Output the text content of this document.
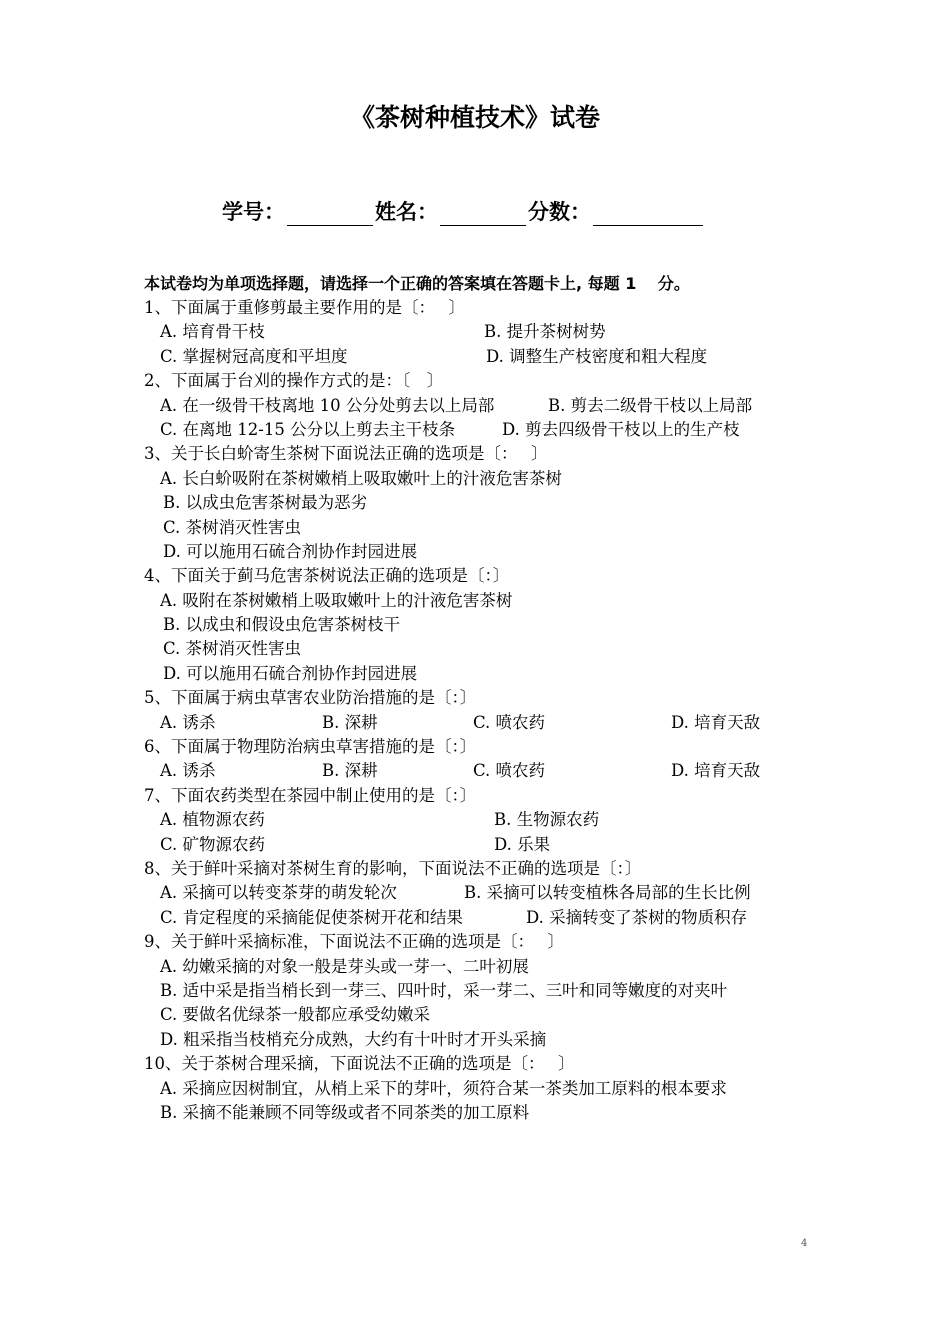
《茶树种植技术》试卷
学号：	姓名：	分数：
本试卷均为单项选择题，请选择一个正确的答案填在答题卡上, 每题 1　 分。
1、下面属于重修剪最主要作用的是〔：　 〕
A. 培育骨干枝	B. 提升茶树树势
C. 掌握树冠高度和平坦度	D. 调整生产枝密度和粗大程度
2、下面属于台刈的操作方式的是：〔　〕
A. 在一级骨干枝离地 10 公分处剪去以上局部	B. 剪去二级骨干枝以上局部
C. 在离地 12-15 公分以上剪去主干枝条	D. 剪去四级骨干枝以上的生产枝
3、关于长白蚧寄生茶树下面说法正确的选项是〔：　 〕
A. 长白蚧吸附在茶树嫩梢上吸取嫩叶上的汁液危害茶树
B. 以成虫危害茶树最为恶劣
C. 茶树消灭性害虫
D. 可以施用石硫合剂协作封园进展
4、下面关于蓟马危害茶树说法正确的选项是〔：〕
A. 吸附在茶树嫩梢上吸取嫩叶上的汁液危害茶树
B. 以成虫和假设虫危害茶树枝干
C. 茶树消灭性害虫
D. 可以施用石硫合剂协作封园进展
5、下面属于病虫草害农业防治措施的是〔：〕
A. 诱杀	B. 深耕	C. 喷农药	D. 培育天敌
6、下面属于物理防治病虫草害措施的是〔：〕
A. 诱杀	B. 深耕	C. 喷农药	D. 培育天敌
7、下面农药类型在茶园中制止使用的是〔：〕
A. 植物源农药	B. 生物源农药
C. 矿物源农药	D. 乐果
8、关于鲜叶采摘对茶树生育的影响，下面说法不正确的选项是〔：〕
A. 采摘可以转变茶芽的萌发轮次	B. 采摘可以转变植株各局部的生长比例
C. 肯定程度的采摘能促使茶树开花和结果	D. 采摘转变了茶树的物质积存
9、关于鲜叶采摘标准，下面说法不正确的选项是〔：　 〕
A. 幼嫩采摘的对象一般是芽头或一芽一、二叶初展
B. 适中采是指当梢长到一芽三、四叶时，采一芽二、三叶和同等嫩度的对夹叶
C. 要做名优绿茶一般都应承受幼嫩采
D. 粗采指当枝梢充分成熟，大约有十叶时才开头采摘
10、关于茶树合理采摘，下面说法不正确的选项是〔：　 〕
A. 采摘应因树制宜，从梢上采下的芽叶，须符合某一茶类加工原料的根本要求
B. 采摘不能兼顾不同等级或者不同茶类的加工原料
4
